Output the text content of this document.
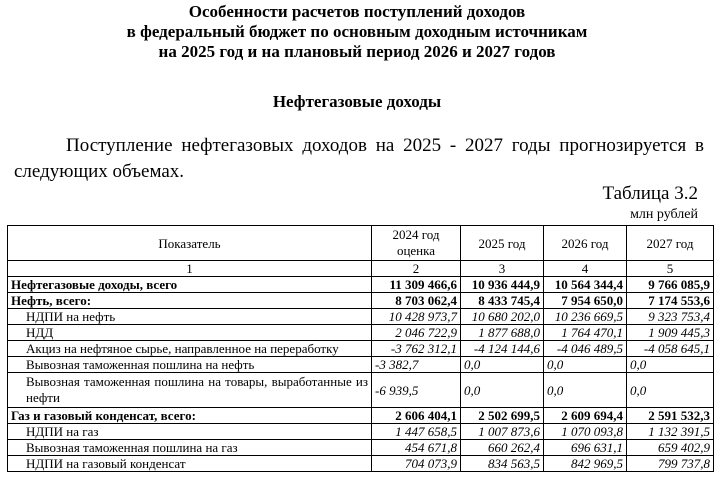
Особенности расчетов поступлений доходов
в федеральный бюджет по основным доходным источникам
на 2025 год и на плановый период 2026 и 2027 годов
Нефтегазовые доходы
Поступление нефтегазовых доходов на 2025 - 2027 годы прогнозируется в следующих объемах.
Таблица 3.2
млн рублей
Показатель	2024 год оценка	2025 год	2026 год	2027 год
1	2	3	4	5
Нефтегазовые доходы, всего	11 309 466,6	10 936 444,9	10 564 344,4	9 766 085,9
Нефть, всего:	8 703 062,4	8 433 745,4	7 954 650,0	7 174 553,6
НДПИ на нефть	10 428 973,7	10 680 202,0	10 236 669,5	9 323 753,4
НДД	2 046 722,9	1 877 688,0	1 764 470,1	1 909 445,3
Акциз на нефтяное сырье, направленное на переработку	-3 762 312,1	-4 124 144,6	-4 046 489,5	-4 058 645,1
Вывозная таможенная пошлина на нефть	-3 382,7	0,0	0,0	0,0
Вывозная таможенная пошлина на товары, выработанные из нефти	-6 939,5	0,0	0,0	0,0
Газ и газовый конденсат, всего:	2 606 404,1	2 502 699,5	2 609 694,4	2 591 532,3
НДПИ на газ	1 447 658,5	1 007 873,6	1 070 093,8	1 132 391,5
Вывозная таможенная пошлина на газ	454 671,8	660 262,4	696 631,1	659 402,9
НДПИ на газовый конденсат	704 073,9	834 563,5	842 969,5	799 737,8
